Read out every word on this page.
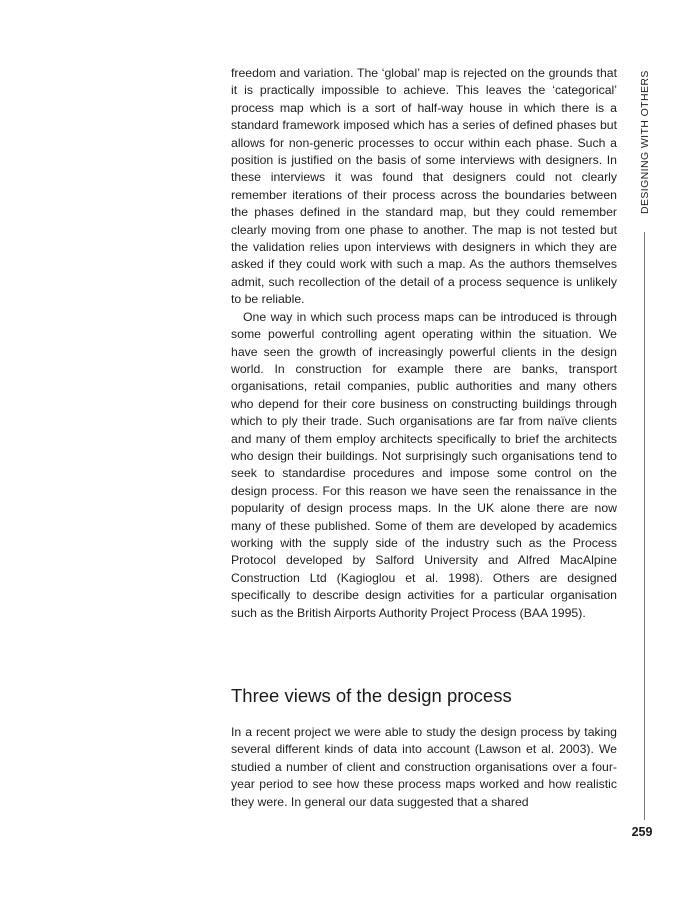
freedom and variation. The ‘global’ map is rejected on the grounds that it is practically impossible to achieve. This leaves the ‘categorical’ process map which is a sort of half-way house in which there is a standard framework imposed which has a series of defined phases but allows for non-generic processes to occur within each phase. Such a position is justified on the basis of some interviews with designers. In these interviews it was found that designers could not clearly remember iterations of their process across the boundaries between the phases defined in the standard map, but they could remember clearly moving from one phase to another. The map is not tested but the validation relies upon interviews with designers in which they are asked if they could work with such a map. As the authors themselves admit, such recollection of the detail of a process sequence is unlikely to be reliable.

One way in which such process maps can be introduced is through some powerful controlling agent operating within the situation. We have seen the growth of increasingly powerful clients in the design world. In construction for example there are banks, transport organisations, retail companies, public authorities and many others who depend for their core business on constructing buildings through which to ply their trade. Such organisations are far from naïve clients and many of them employ architects specifically to brief the architects who design their buildings. Not surprisingly such organisations tend to seek to standardise procedures and impose some control on the design process. For this reason we have seen the renaissance in the popularity of design process maps. In the UK alone there are now many of these published. Some of them are developed by academics working with the supply side of the industry such as the Process Protocol developed by Salford University and Alfred MacAlpine Construction Ltd (Kagioglou et al. 1998). Others are designed specifically to describe design activities for a particular organisation such as the British Airports Authority Project Process (BAA 1995).

Three views of the design process

In a recent project we were able to study the design process by taking several different kinds of data into account (Lawson et al. 2003). We studied a number of client and construction organisations over a four-year period to see how these process maps worked and how realistic they were. In general our data suggested that a shared

DESIGNING WITH OTHERS
259
